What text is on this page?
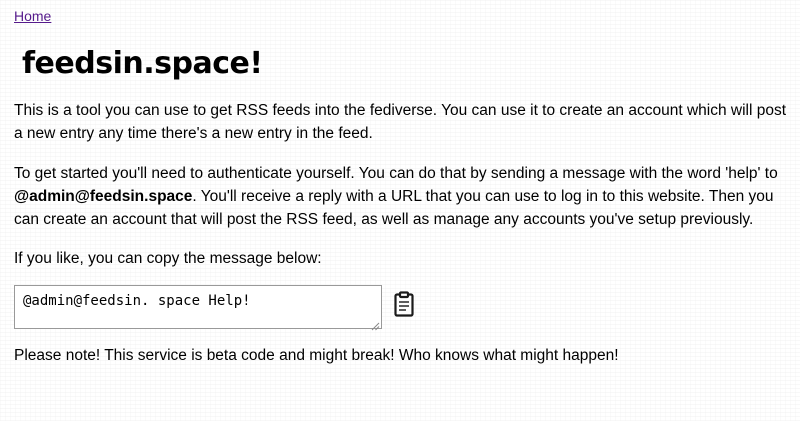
Home
feedsin.space!

This is a tool you can use to get RSS feeds into the fediverse. You can use it to create an account which will post a new entry any time there's a new entry in the feed.

To get started you'll need to authenticate yourself. You can do that by sending a message with the word 'help' to @admin@feedsin.space. You'll receive a reply with a URL that you can use to log in to this website. Then you can create an account that will post the RSS feed, as well as manage any accounts you've setup previously.

If you like, you can copy the message below:

@admin@feedsin. space Help!

Please note! This service is beta code and might break! Who knows what might happen!
